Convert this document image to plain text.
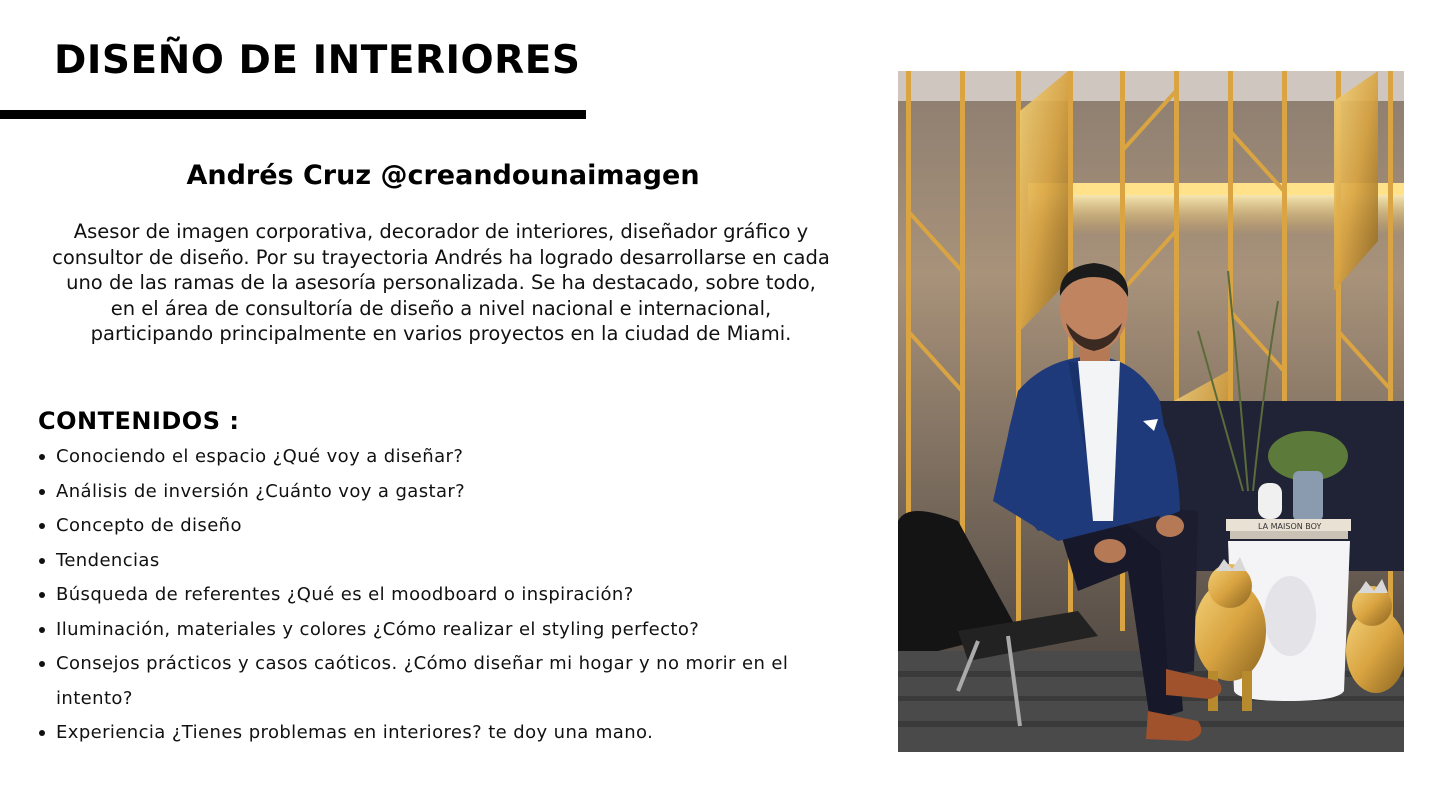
DISEÑO DE INTERIORES
Andrés Cruz @creandounaimagen

Asesor de imagen corporativa, decorador de interiores, diseñador gráfico y consultor de diseño. Por su trayectoria Andrés ha logrado desarrollarse en cada uno de las ramas de la asesoría personalizada. Se ha destacado, sobre todo, en el área de consultoría de diseño a nivel nacional e internacional, participando principalmente en varios proyectos en la ciudad de Miami.

CONTENIDOS :
Conociendo el espacio ¿Qué voy a diseñar?
Análisis de inversión ¿Cuánto voy a gastar?
Concepto de diseño
Tendencias
Búsqueda de referentes ¿Qué es el moodboard o inspiración?
Iluminación, materiales y colores ¿Cómo realizar el styling perfecto?
Consejos prácticos y casos caóticos. ¿Cómo diseñar mi hogar y no morir en el intento?
Experiencia ¿Tienes problemas en interiores? te doy una mano.
LA MAISON BOY
